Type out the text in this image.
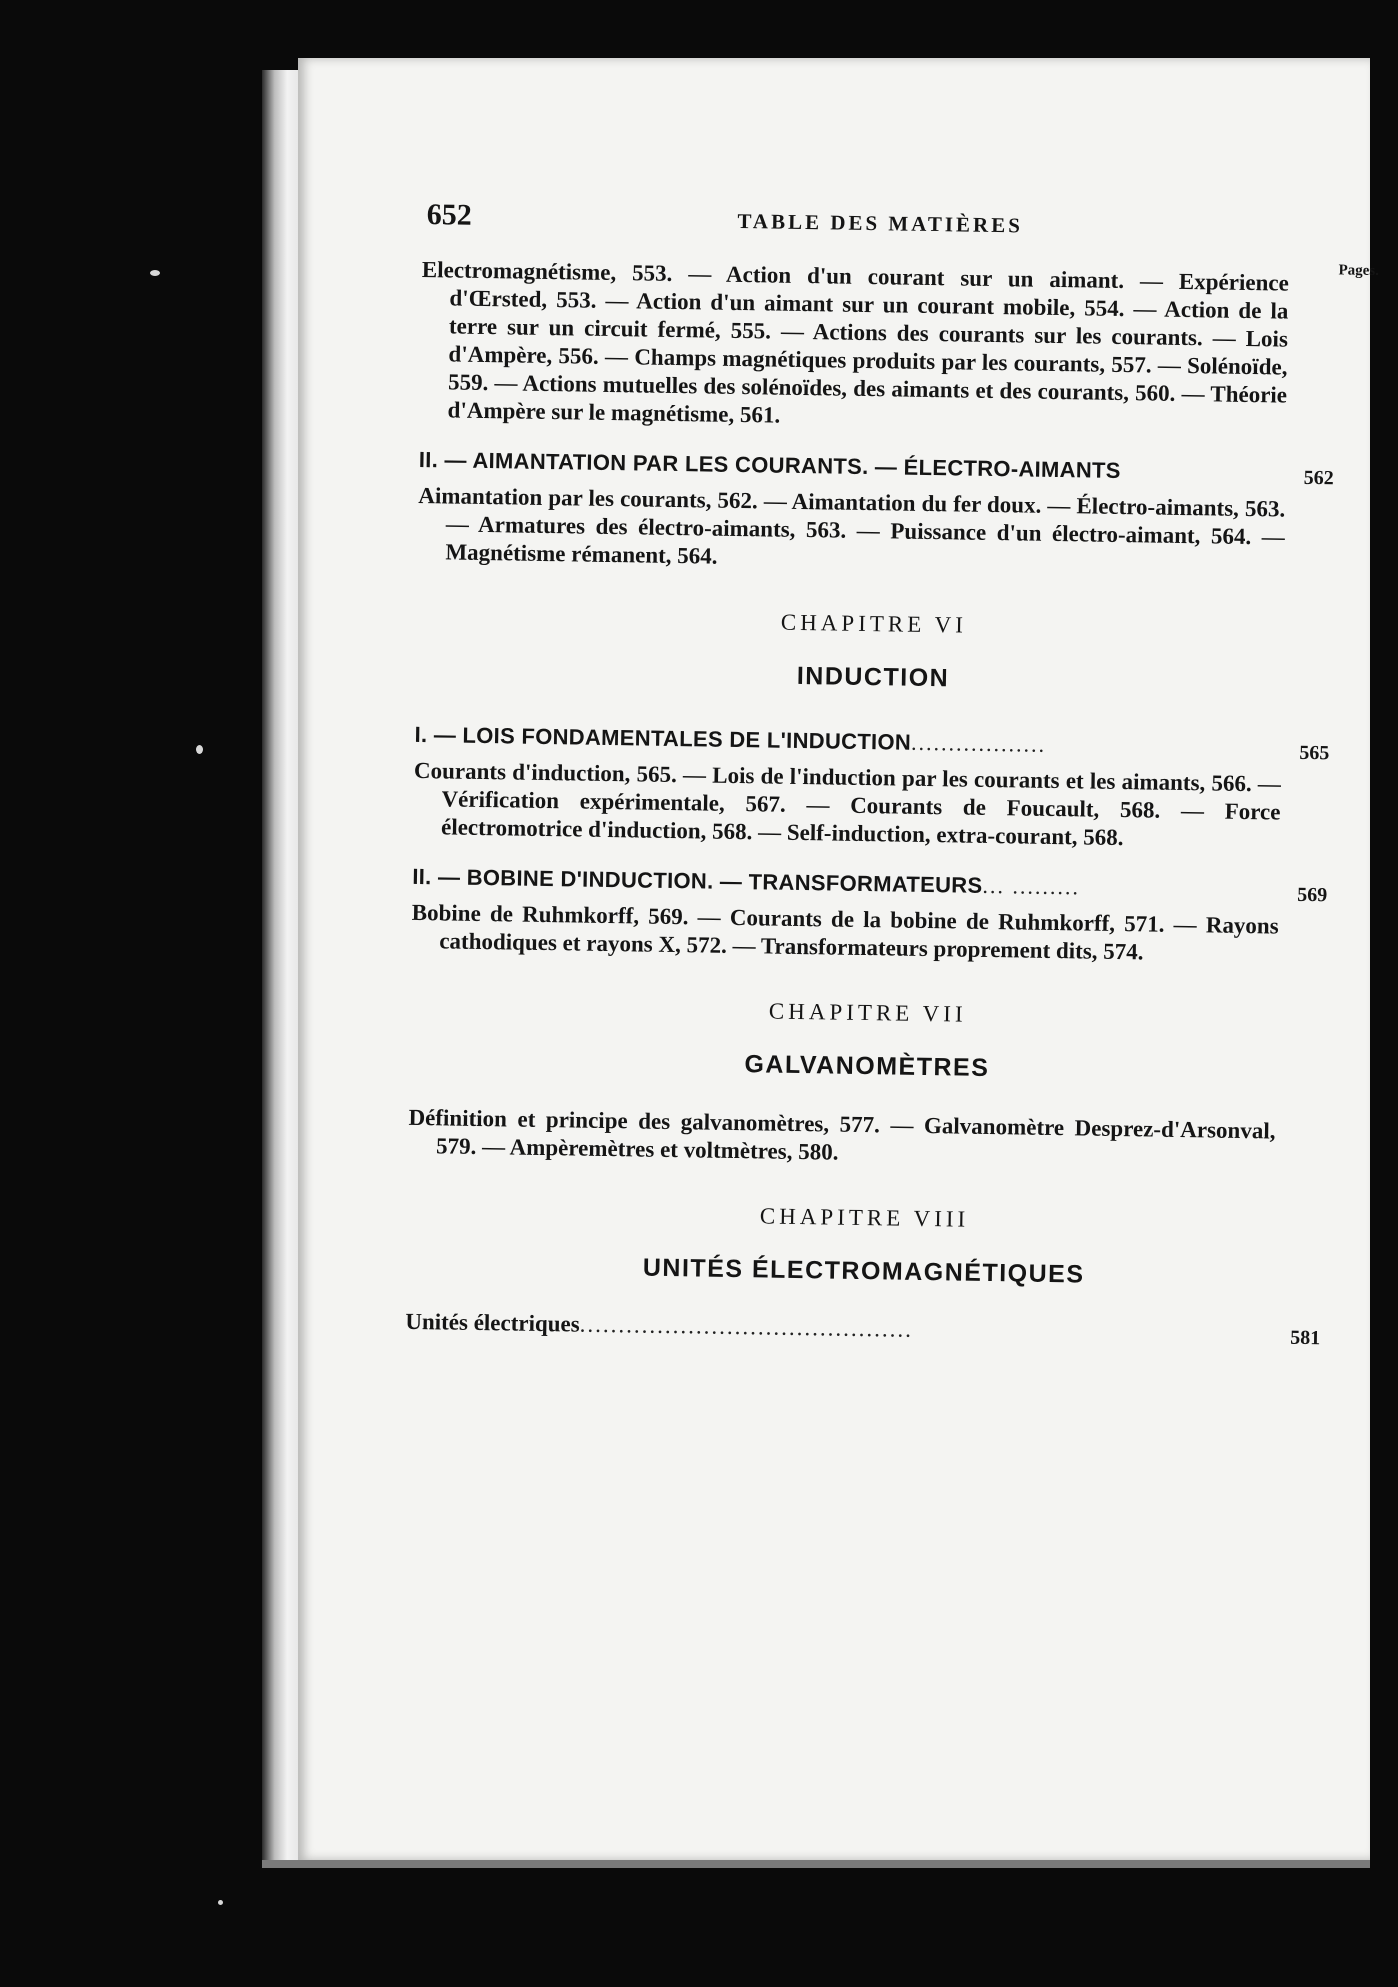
652	TABLE DES MATIÈRES
Pages.

Electromagnétisme, 553. — Action d'un courant sur un aimant. — Expérience d'Œrsted, 553. — Action d'un aimant sur un courant mobile, 554. — Action de la terre sur un circuit fermé, 555. — Actions des courants sur les courants. — Lois d'Ampère, 556. — Champs magnétiques produits par les courants, 557. — Solénoïde, 559. — Actions mutuelles des solénoïdes, des aimants et des courants, 560. — Théorie d'Ampère sur le magnétisme, 561.

II. — AIMANTATION PAR LES COURANTS. — ÉLECTRO-AIMANTS	562

Aimantation par les courants, 562. — Aimantation du fer doux. — Électro-aimants, 563. — Armatures des électro-aimants, 563. — Puissance d'un électro-aimant, 564. — Magnétisme rémanent, 564.

CHAPITRE VI
INDUCTION
I. — LOIS FONDAMENTALES DE L'INDUCTION..................	565

Courants d'induction, 565. — Lois de l'induction par les courants et les aimants, 566. — Vérification expérimentale, 567. — Courants de Foucault, 568. — Force électromotrice d'induction, 568. — Self-induction, extra-courant, 568.

II. — BOBINE D'INDUCTION. — TRANSFORMATEURS... .........	569

Bobine de Ruhmkorff, 569. — Courants de la bobine de Ruhmkorff, 571. — Rayons cathodiques et rayons X, 572. — Transformateurs proprement dits, 574.

CHAPITRE VII
GALVANOMÈTRES

Définition et principe des galvanomètres, 577. — Galvanomètre Desprez-d'Arsonval, 579. — Ampèremètres et voltmètres, 580.

CHAPITRE VIII
UNITÉS ÉLECTROMAGNÉTIQUES
Unités électriques...........................................	581
